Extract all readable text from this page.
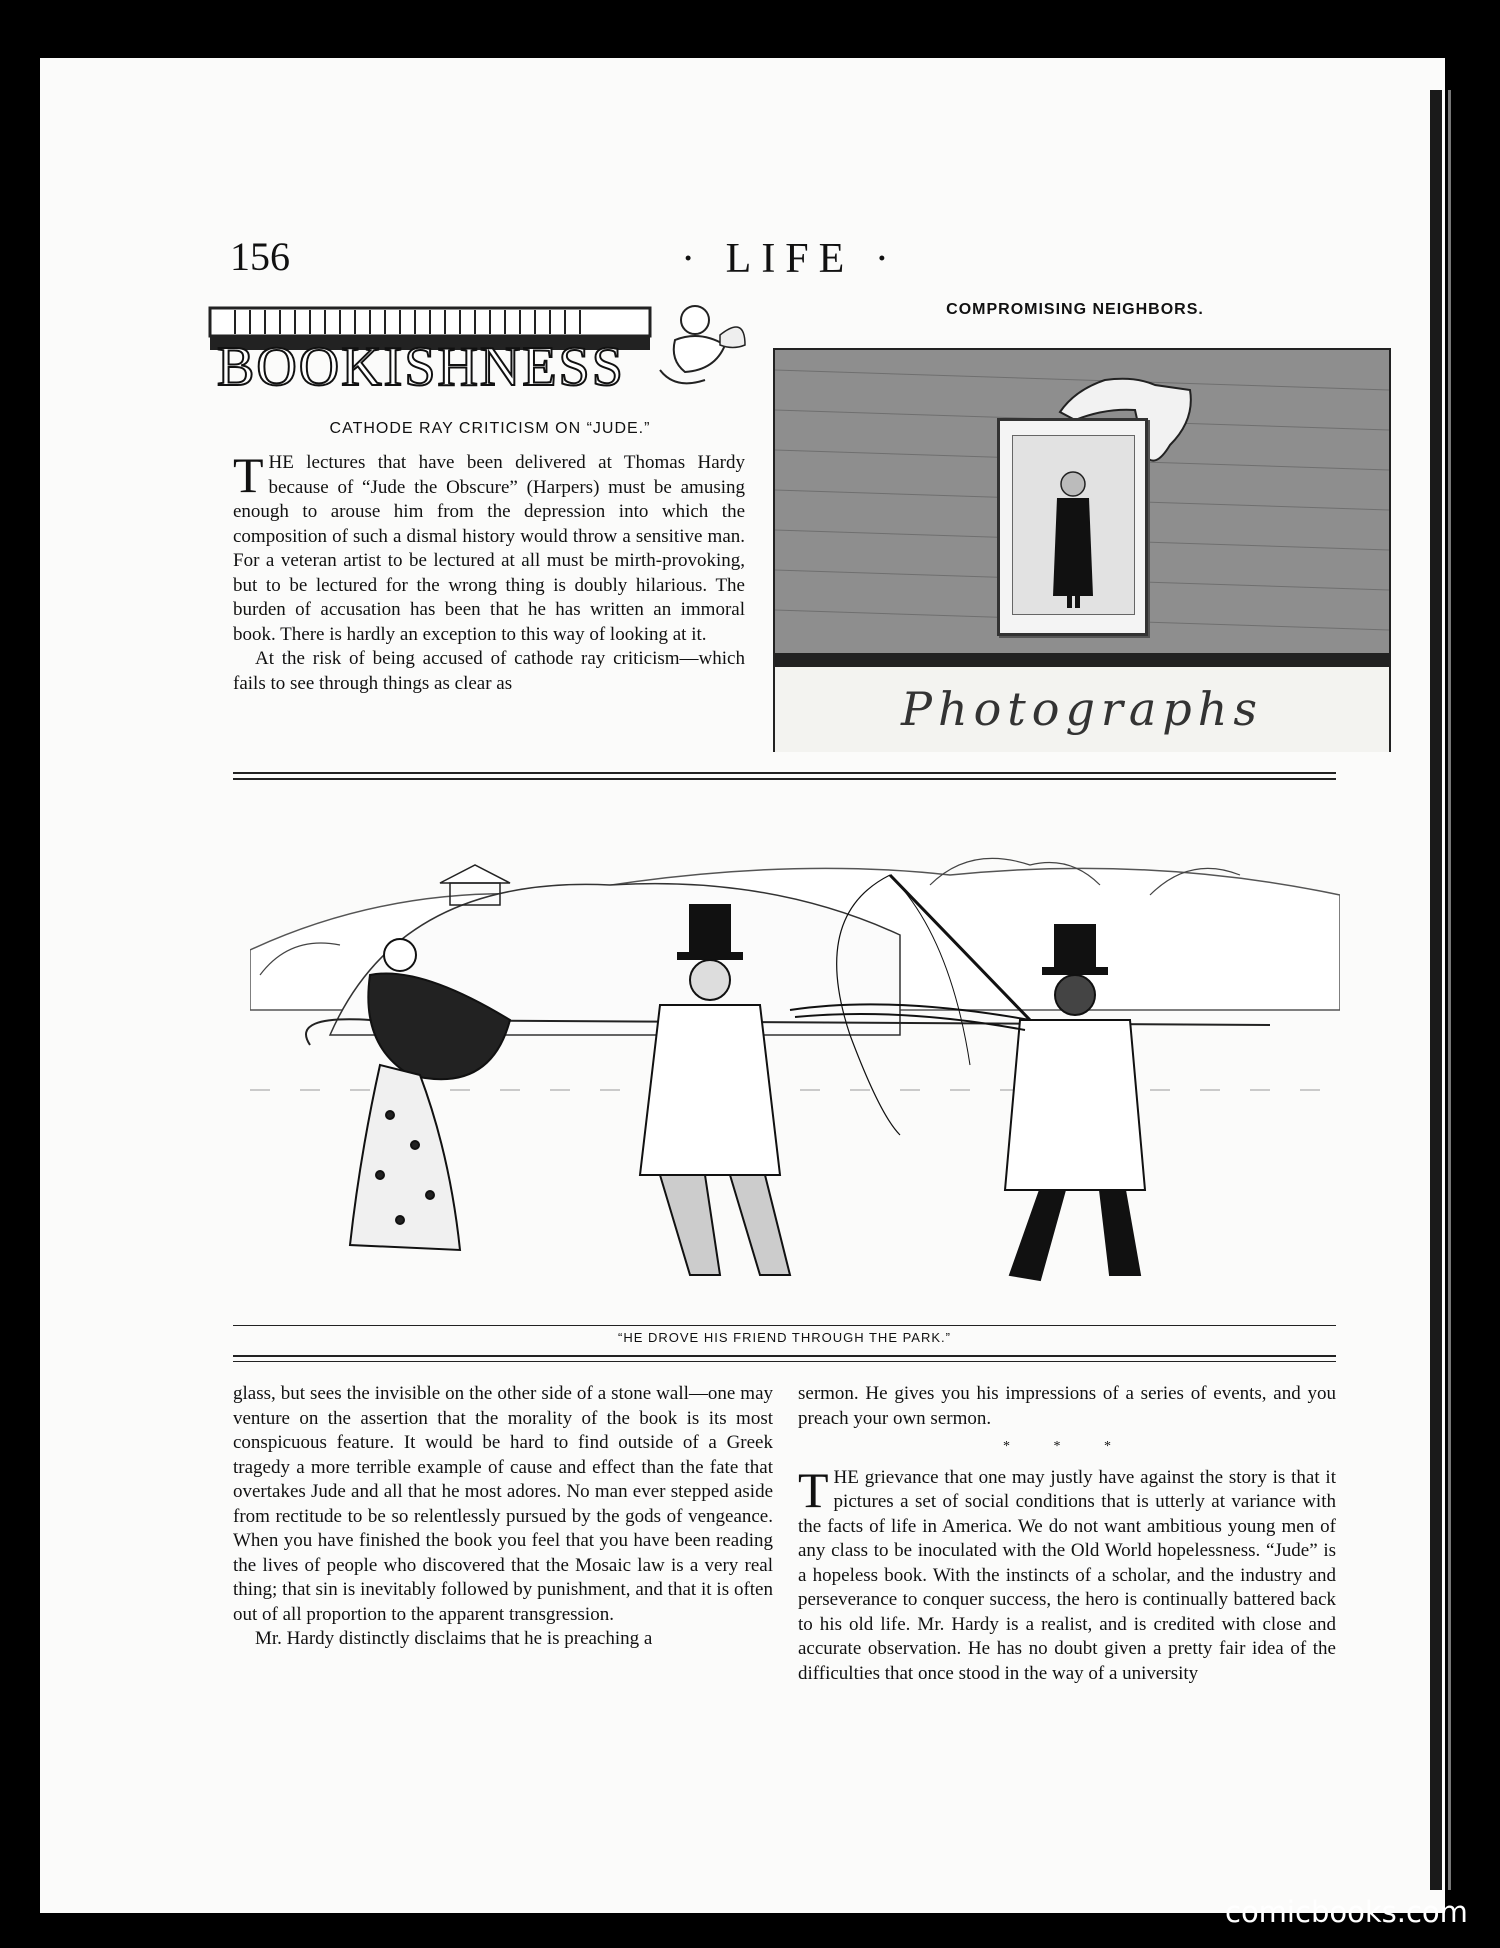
156	· LIFE ·
BOOKISHNESS
CATHODE RAY CRITICISM ON “JUDE.”

THE lectures that have been delivered at Thomas Hardy because of “Jude the Obscure” (Harpers) must be amusing enough to arouse him from the depression into which the composition of such a dismal history would throw a sensitive man. For a veteran artist to be lectured at all must be mirth-provoking, but to be lectured for the wrong thing is doubly hilarious. The burden of accusation has been that he has written an immoral book. There is hardly an exception to this way of looking at it.

At the risk of being accused of cathode ray criticism—which fails to see through things as clear as

COMPROMISING NEIGHBORS.
Photographs
“HE DROVE HIS FRIEND THROUGH THE PARK.”

glass, but sees the invisible on the other side of a stone wall—one may venture on the assertion that the morality of the book is its most conspicuous feature. It would be hard to find outside of a Greek tragedy a more terrible example of cause and effect than the fate that overtakes Jude and all that he most adores. No man ever stepped aside from rectitude to be so relentlessly pursued by the gods of vengeance. When you have finished the book you feel that you have been reading the lives of people who discovered that the Mosaic law is a very real thing; that sin is inevitably followed by punishment, and that it is often out of all proportion to the apparent transgression.

Mr. Hardy distinctly disclaims that he is preaching a

sermon. He gives you his impressions of a series of events, and you preach your own sermon.

* * *

THE grievance that one may justly have against the story is that it pictures a set of social conditions that is utterly at variance with the facts of life in America. We do not want ambitious young men of any class to be inoculated with the Old World hopelessness. “Jude” is a hopeless book. With the instincts of a scholar, and the industry and perseverance to conquer success, the hero is continually battered back to his old life. Mr. Hardy is a realist, and is credited with close and accurate observation. He has no doubt given a pretty fair idea of the difficulties that once stood in the way of a university

comicbooks.com
